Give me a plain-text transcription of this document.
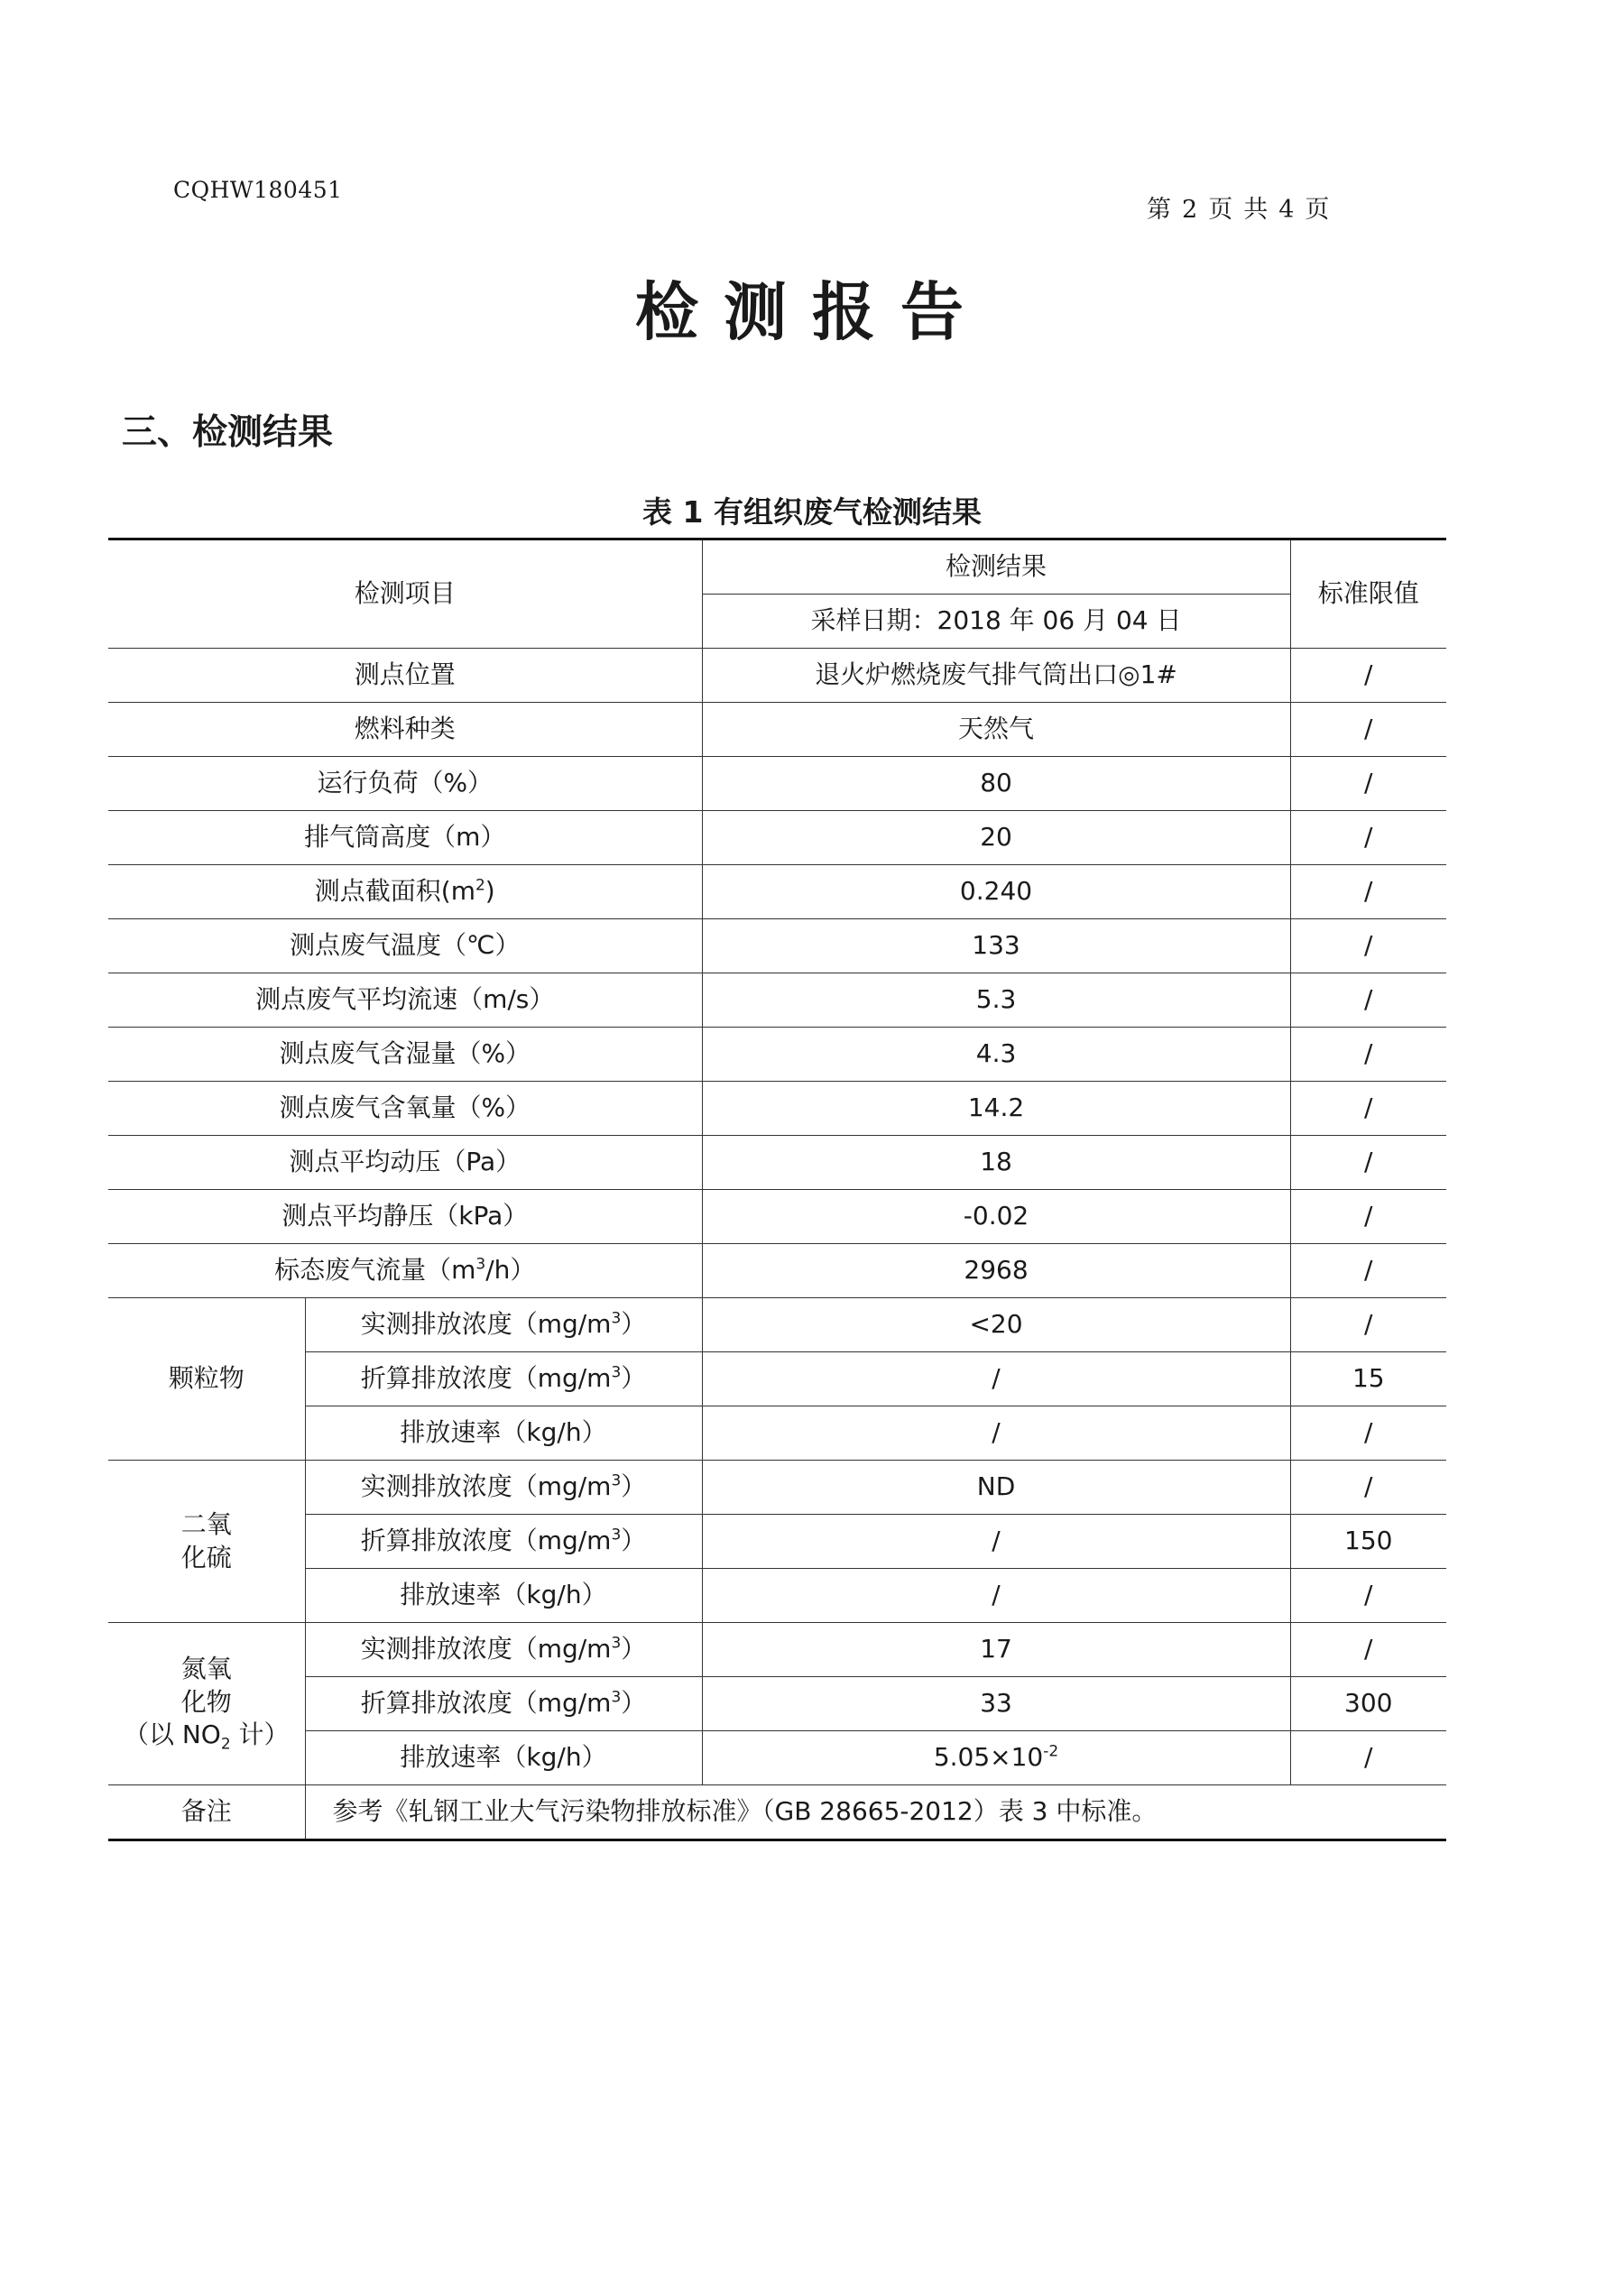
CQHW180451
第 2 页 共 4 页
检测报告
三、检测结果
表 1 有组织废气检测结果
检测项目		检测结果	标准限值
		采样日期：2018 年 06 月 04 日	
测点位置		退火炉燃烧废气排气筒出口◎1#	/
燃料种类		天然气	/
运行负荷（%）		80	/
排气筒高度（m）		20	/
测点截面积$(m^2)$		0.240	/
测点废气温度（℃）		133	/
测点废气平均流速（m/s）		5.3	/
测点废气含湿量（%）		4.3	/
测点废气含氧量（%）		14.2	/
测点平均动压（Pa）		18	/
测点平均静压（kPa）		-0.02	/
标态废气流量$(m^3/h)$		2968	/
颗粒物	实测排放浓度$(mg/m^3)$	<20	/
	折算排放浓度$(mg/m^3)$	/	15
	排放速率（kg/h）	/	/

二氧
化硫	实测排放浓度$(mg/m^3)$	ND	/
	折算排放浓度$(mg/m^3)$	/	150
	排放速率（kg/h）	/	/

氮氧
化物
（以 $NO_2$ 计）	实测排放浓度$(mg/m^3)$	17	/
	折算排放浓度$(mg/m^3)$	33	300
	排放速率（kg/h）	$5.05\times 10^{-2}$	/
备注	参考《轧钢工业大气污染物排放标准》（GB 28665-2012）表 3 中标准。		
